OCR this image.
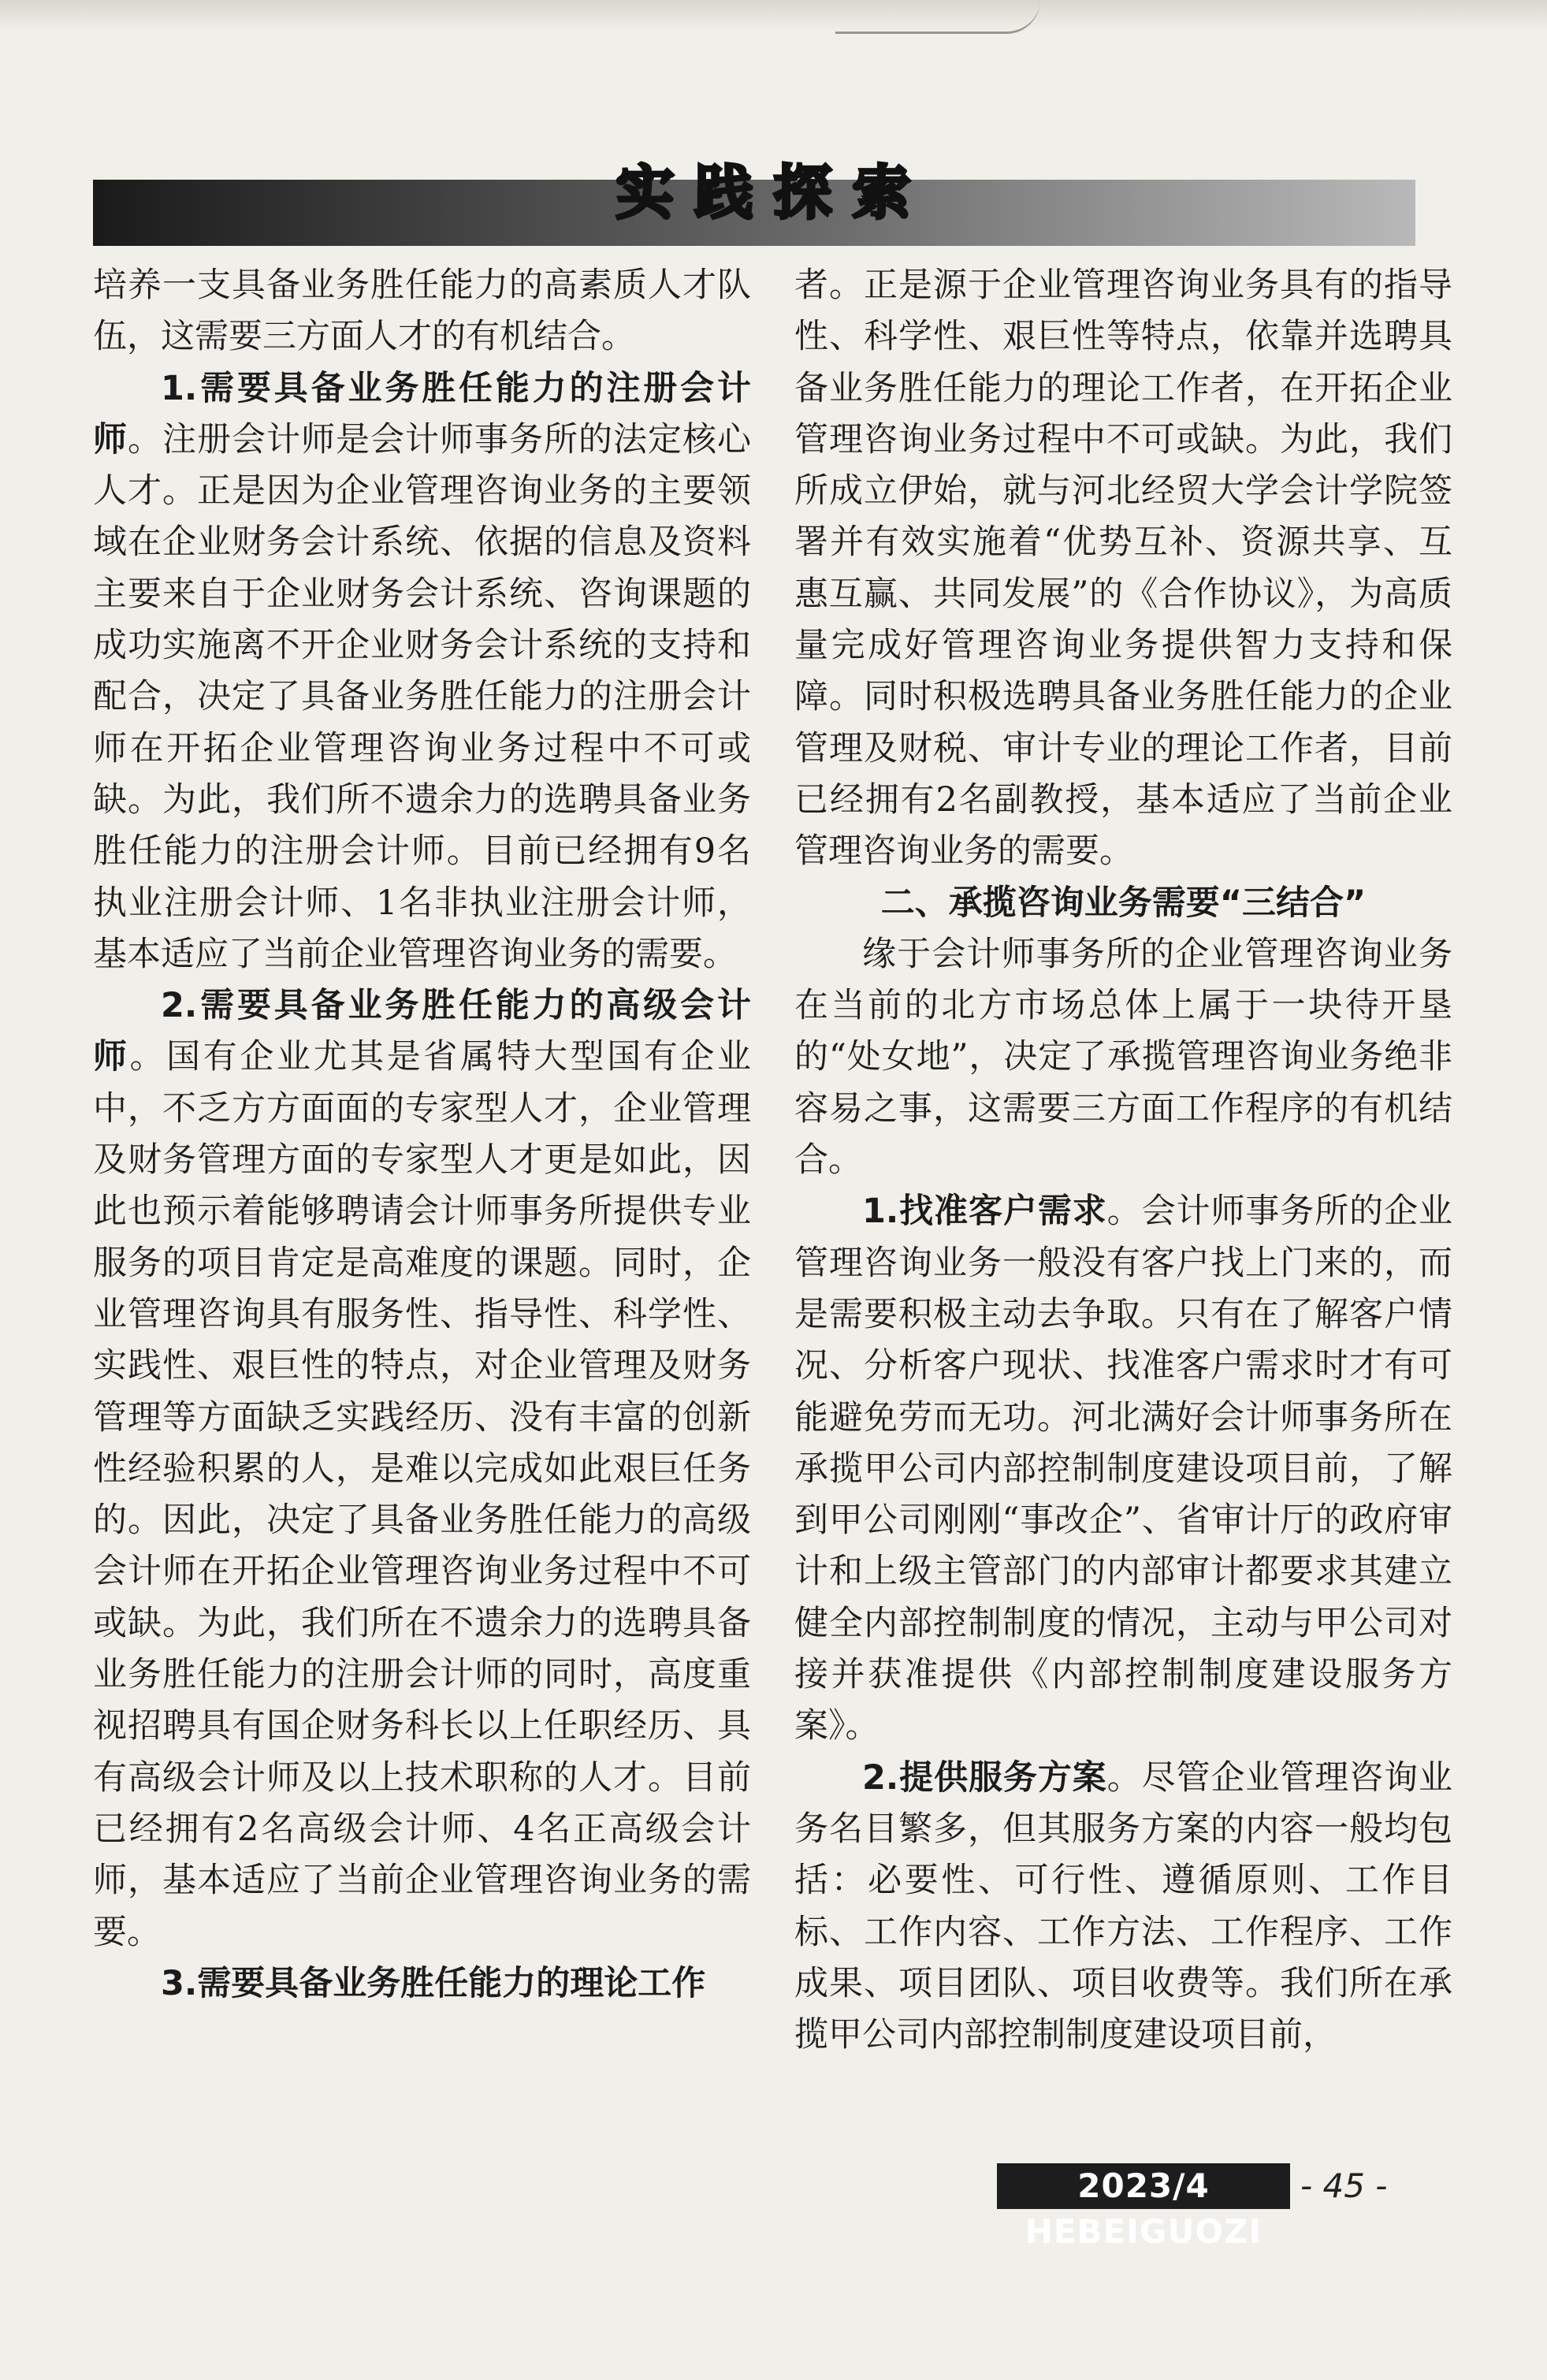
实践探索

培养一支具备业务胜任能力的高素质人才队伍，这需要三方面人才的有机结合。

1.需要具备业务胜任能力的注册会计师。注册会计师是会计师事务所的法定核心人才。正是因为企业管理咨询业务的主要领域在企业财务会计系统、依据的信息及资料主要来自于企业财务会计系统、咨询课题的成功实施离不开企业财务会计系统的支持和配合，决定了具备业务胜任能力的注册会计师在开拓企业管理咨询业务过程中不可或缺。为此，我们所不遗余力的选聘具备业务胜任能力的注册会计师。目前已经拥有9名执业注册会计师、1名非执业注册会计师，基本适应了当前企业管理咨询业务的需要。

2.需要具备业务胜任能力的高级会计师。国有企业尤其是省属特大型国有企业中，不乏方方面面的专家型人才，企业管理及财务管理方面的专家型人才更是如此，因此也预示着能够聘请会计师事务所提供专业服务的项目肯定是高难度的课题。同时，企业管理咨询具有服务性、指导性、科学性、实践性、艰巨性的特点，对企业管理及财务管理等方面缺乏实践经历、没有丰富的创新性经验积累的人，是难以完成如此艰巨任务的。因此，决定了具备业务胜任能力的高级会计师在开拓企业管理咨询业务过程中不可或缺。为此，我们所在不遗余力的选聘具备业务胜任能力的注册会计师的同时，高度重视招聘具有国企财务科长以上任职经历、具有高级会计师及以上技术职称的人才。目前已经拥有2名高级会计师、4名正高级会计师，基本适应了当前企业管理咨询业务的需要。

3.需要具备业务胜任能力的理论工作

者。正是源于企业管理咨询业务具有的指导性、科学性、艰巨性等特点，依靠并选聘具备业务胜任能力的理论工作者，在开拓企业管理咨询业务过程中不可或缺。为此，我们所成立伊始，就与河北经贸大学会计学院签署并有效实施着“优势互补、资源共享、互惠互赢、共同发展”的《合作协议》，为高质量完成好管理咨询业务提供智力支持和保障。同时积极选聘具备业务胜任能力的企业管理及财税、审计专业的理论工作者，目前已经拥有2名副教授，基本适应了当前企业管理咨询业务的需要。

二、承揽咨询业务需要“三结合”

缘于会计师事务所的企业管理咨询业务在当前的北方市场总体上属于一块待开垦的“处女地”，决定了承揽管理咨询业务绝非容易之事，这需要三方面工作程序的有机结合。

1.找准客户需求。会计师事务所的企业管理咨询业务一般没有客户找上门来的，而是需要积极主动去争取。只有在了解客户情况、分析客户现状、找准客户需求时才有可能避免劳而无功。河北满好会计师事务所在承揽甲公司内部控制制度建设项目前，了解到甲公司刚刚“事改企”、省审计厅的政府审计和上级主管部门的内部审计都要求其建立健全内部控制制度的情况，主动与甲公司对接并获准提供《内部控制制度建设服务方案》。

2.提供服务方案。尽管企业管理咨询业务名目繁多，但其服务方案的内容一般均包括：必要性、可行性、遵循原则、工作目标、工作内容、工作方法、工作程序、工作成果、项目团队、项目收费等。我们所在承揽甲公司内部控制制度建设项目前，

2023/4 HEBEIGUOZI
- 45 -
